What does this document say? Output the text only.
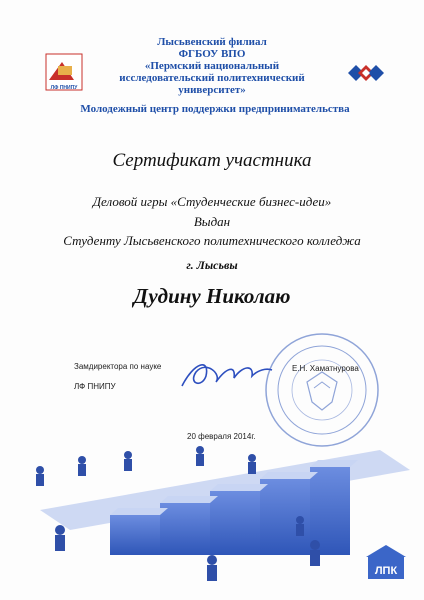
Лысьвенский филиал
ФГБОУ ВПО
«Пермский национальный
исследовательский политехнический
университет»
Молодежный центр поддержки предпринимательства
ЛФ ПНИПУ
Сертификат участника
Деловой игры «Студенческие бизнес-идеи»
Выдан
Студенту Лысьвенского политехнического колледжа
г. Лысьвы
Дудину Николаю
Замдиректора по науке
ЛФ ПНИПУ
Е.Н. Хаматнурова
20 февраля 2014г.
ЛПК
